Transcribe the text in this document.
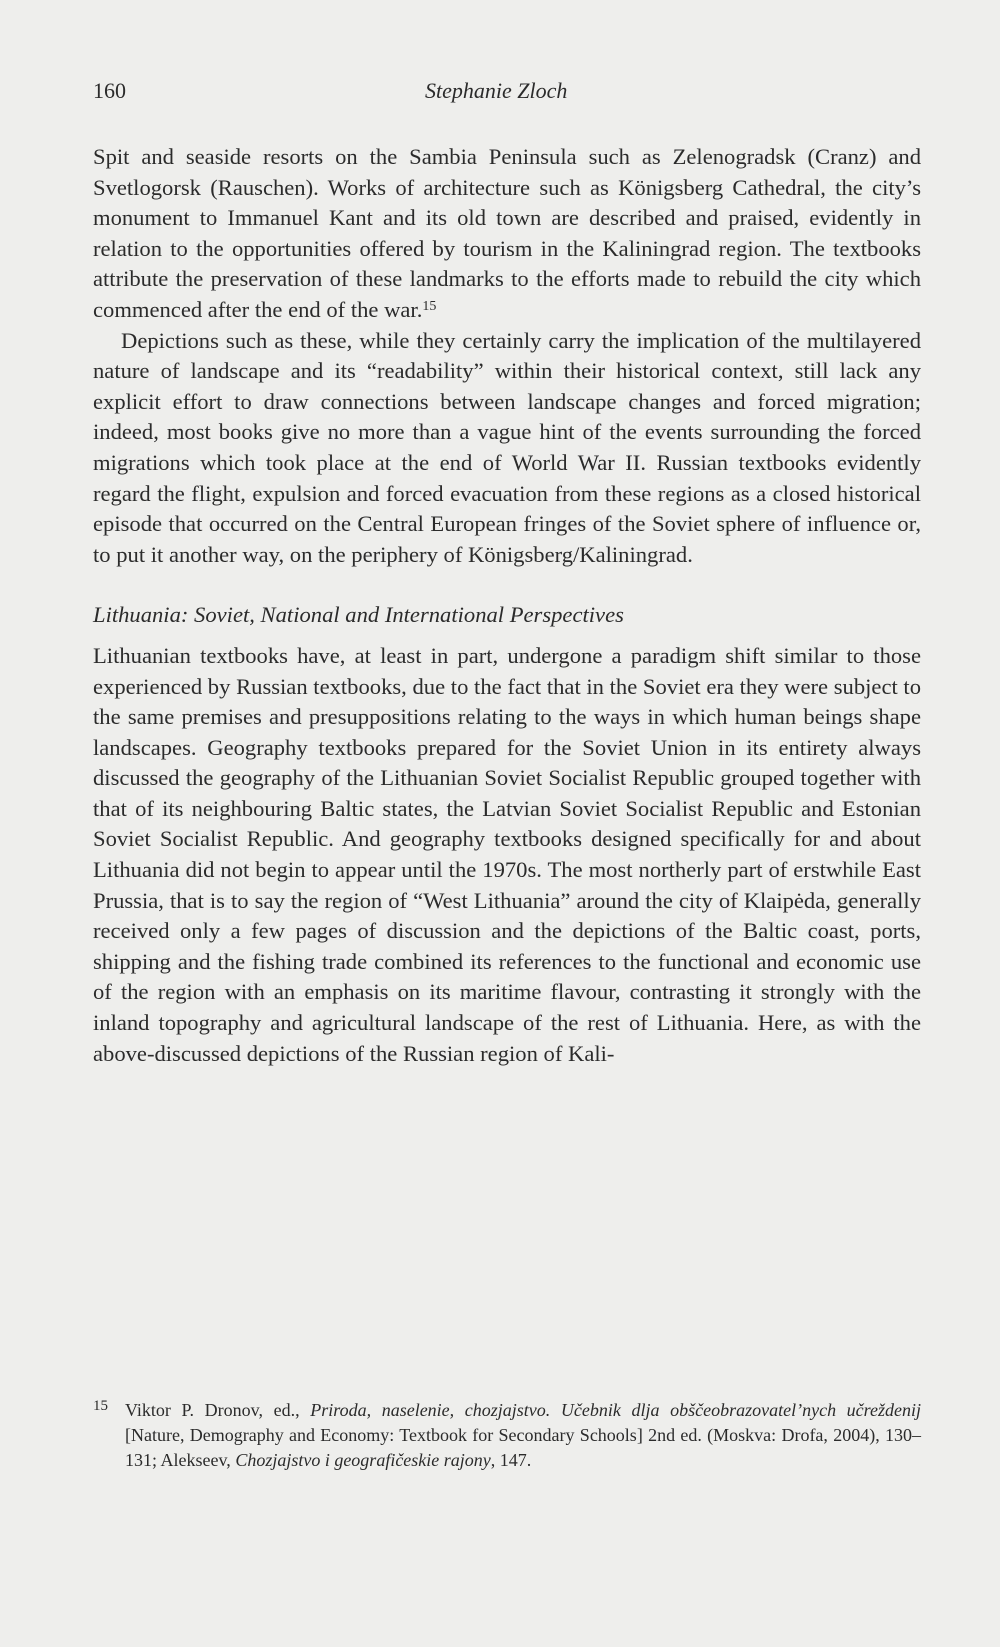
160	Stephanie Zloch

Spit and seaside resorts on the Sambia Peninsula such as Zelenogradsk (Cranz) and Svetlogorsk (Rauschen). Works of architecture such as Königsberg Cathedral, the city’s monument to Immanuel Kant and its old town are described and praised, evidently in relation to the opportunities offered by tourism in the Kaliningrad region. The textbooks attribute the preservation of these landmarks to the efforts made to rebuild the city which commenced after the end of the war.$^{15}$

Depictions such as these, while they certainly carry the implication of the multilayered nature of landscape and its “readability” within their historical context, still lack any explicit effort to draw connections between landscape changes and forced migration; indeed, most books give no more than a vague hint of the events surrounding the forced migrations which took place at the end of World War II. Russian textbooks evidently regard the flight, expulsion and forced evacuation from these regions as a closed historical episode that occurred on the Central European fringes of the Soviet sphere of influence or, to put it another way, on the periphery of Königsberg/Kaliningrad.

Lithuania: Soviet, National and International Perspectives

Lithuanian textbooks have, at least in part, undergone a paradigm shift similar to those experienced by Russian textbooks, due to the fact that in the Soviet era they were subject to the same premises and presuppositions relating to the ways in which human beings shape landscapes. Geography textbooks prepared for the Soviet Union in its entirety always discussed the geography of the Lithuanian Soviet Socialist Republic grouped together with that of its neighbouring Baltic states, the Latvian Soviet Socialist Republic and Estonian Soviet Socialist Republic. And geography textbooks designed specifically for and about Lithuania did not begin to appear until the 1970s. The most northerly part of erstwhile East Prussia, that is to say the region of “West Lithuania” around the city of Klaipėda, generally received only a few pages of discussion and the depictions of the Baltic coast, ports, shipping and the fishing trade combined its references to the functional and economic use of the region with an emphasis on its maritime flavour, contrasting it strongly with the inland topography and agricultural landscape of the rest of Lithuania. Here, as with the above-discussed depictions of the Russian region of Kali-

15 Viktor P. Dronov, ed., Priroda, naselenie, chozjajstvo. Učebnik dlja obščeobrazovatel’nych učreždenij [Nature, Demography and Economy: Textbook for Secondary Schools] 2nd ed. (Moskva: Drofa, 2004), 130–131; Alekseev, Chozjajstvo i geografičeskie rajony, 147.
